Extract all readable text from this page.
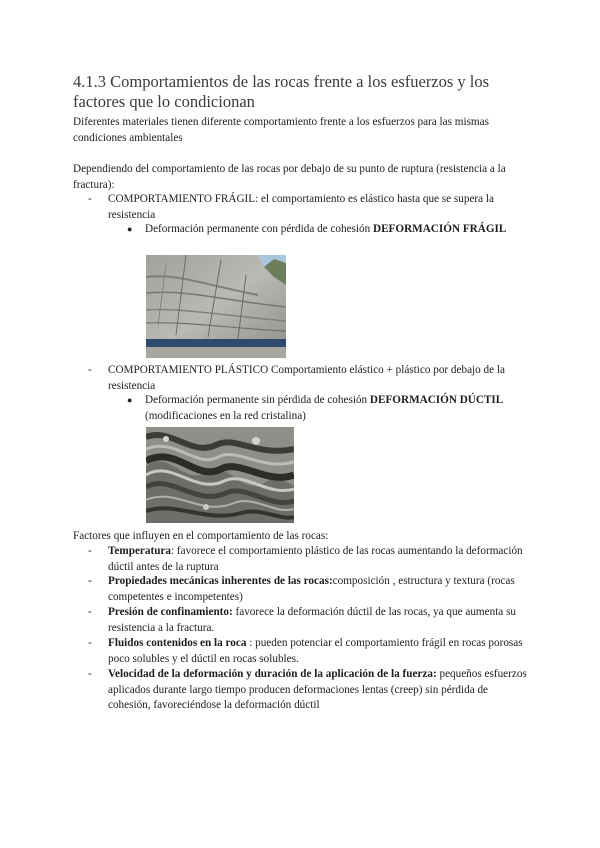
4.1.3 Comportamientos de las rocas frente a los esfuerzos y los factores que lo condicionan
Diferentes materiales tienen diferente comportamiento frente a los esfuerzos para las mismas condiciones ambientales
Dependiendo del comportamiento de las rocas por debajo de su punto de ruptura (resistencia a la fractura):
- COMPORTAMIENTO FRÁGIL: el comportamiento es elástico hasta que se supera la resistencia
● Deformación permanente con pérdida de cohesión DEFORMACIÓN FRÁGIL
- COMPORTAMIENTO PLÁSTICO Comportamiento elástico + plástico por debajo de la resistencia
● Deformación permanente sin pérdida de cohesión DEFORMACIÓN DÚCTIL (modificaciones en la red cristalina)
Factores que influyen en el comportamiento de las rocas:
- Temperatura: favorece el comportamiento plástico de las rocas aumentando la deformación dúctil antes de la ruptura
- Propiedades mecánicas inherentes de las rocas:composición , estructura y textura (rocas competentes e incompetentes)
- Presión de confinamiento: favorece la deformación dúctil de las rocas, ya que aumenta su resistencia a la fractura.
- Fluidos contenidos en la roca : pueden potenciar el comportamiento frágil en rocas porosas poco solubles y el dúctil en rocas solubles.
- Velocidad de la deformación y duración de la aplicación de la fuerza: pequeños esfuerzos aplicados durante largo tiempo producen deformaciones lentas (creep) sin pérdida de cohesión, favoreciéndose la deformación dúctil
